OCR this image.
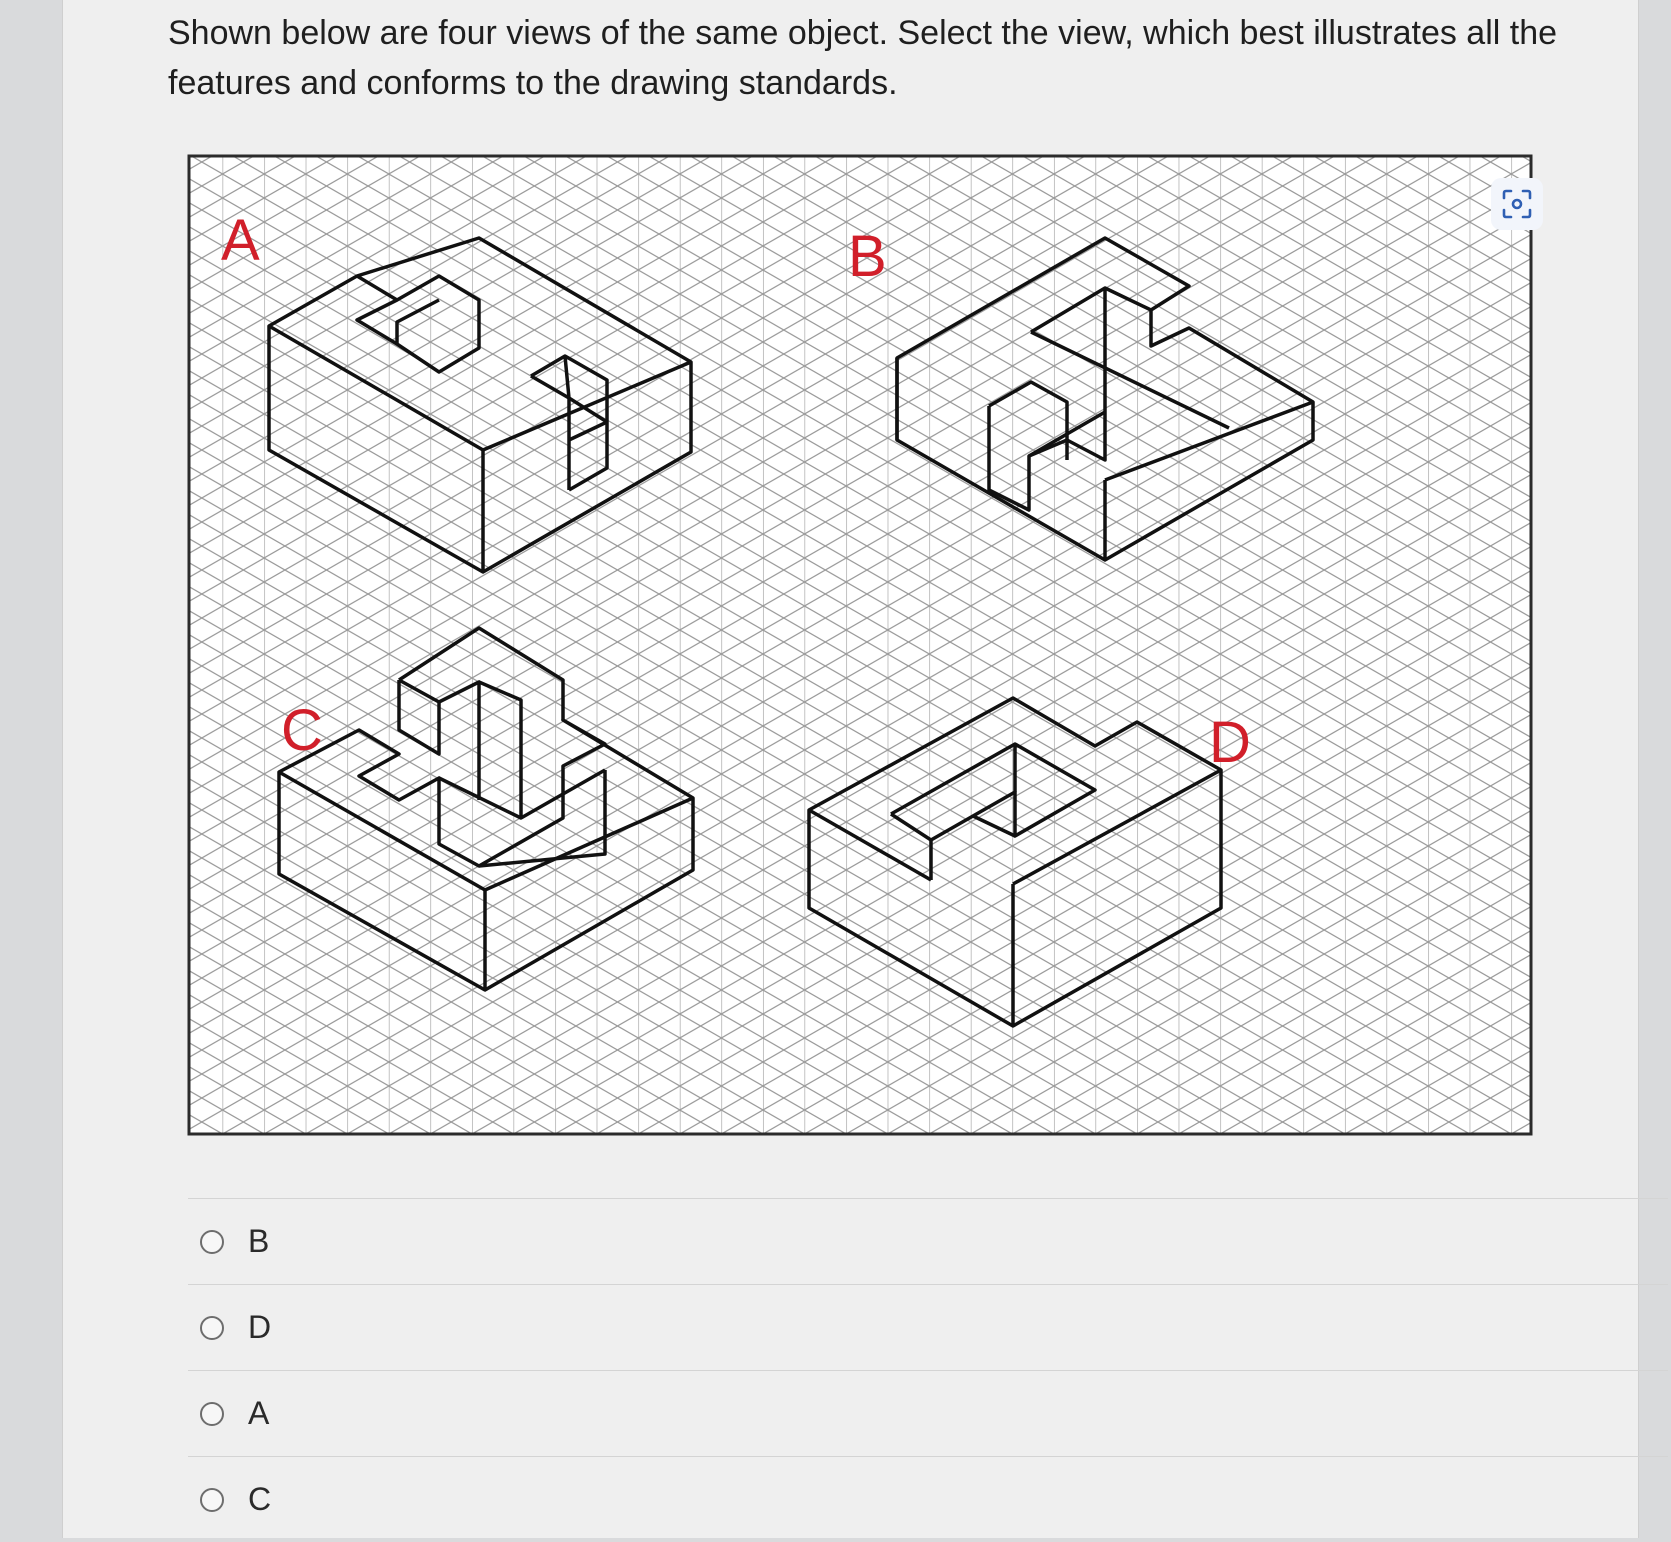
Shown below are four views of the same object. Select the view, which best illustrates all the features and conforms to the drawing standards.

A	B
C	D
B
D
A
C
